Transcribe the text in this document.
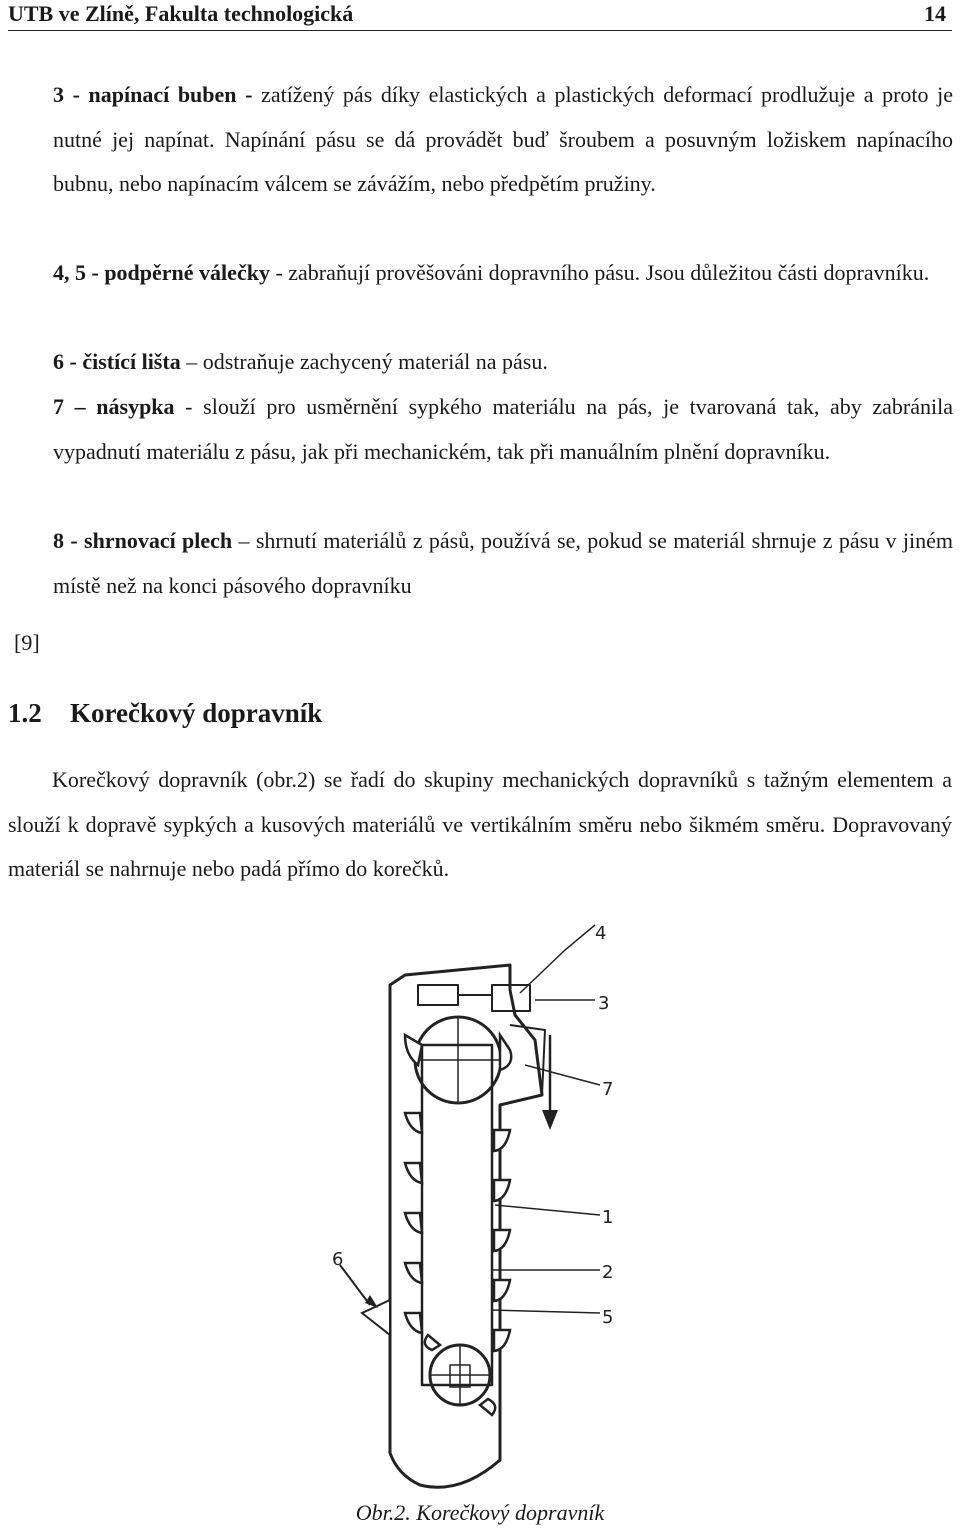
UTB ve Zlíně, Fakulta technologická	14

3 - napínací buben - zatížený pás díky elastických a plastických deformací prodlužuje a proto je nutné jej napínat. Napínání pásu se dá provádět buď šroubem a posuvným ložiskem napínacího bubnu, nebo napínacím válcem se závážím, nebo předpětím pružiny.

4, 5 - podpěrné válečky - zabraňují prověšováni dopravního pásu. Jsou důležitou části dopravníku.

6 - čistící lišta – odstraňuje zachycený materiál na pásu.

7 – násypka - slouží pro usměrnění sypkého materiálu na pás, je tvarovaná tak, aby zabránila vypadnutí materiálu z pásu, jak při mechanickém, tak při manuálním plnění dopravníku.

8 - shrnovací plech – shrnutí materiálů z pásů, používá se, pokud se materiál shrnuje z pásu v jiném místě než na konci pásového dopravníku

[9]
1.2 Korečkový dopravník

Korečkový dopravník (obr.2) se řadí do skupiny mechanických dopravníků s tažným elementem a slouží k dopravě sypkých a kusových materiálů ve vertikálním směru nebo šikmém směru. Dopravovaný materiál se nahrnuje nebo padá přímo do korečků.

4
3
7
1
6
2
5
Obr.2. Korečkový dopravník
